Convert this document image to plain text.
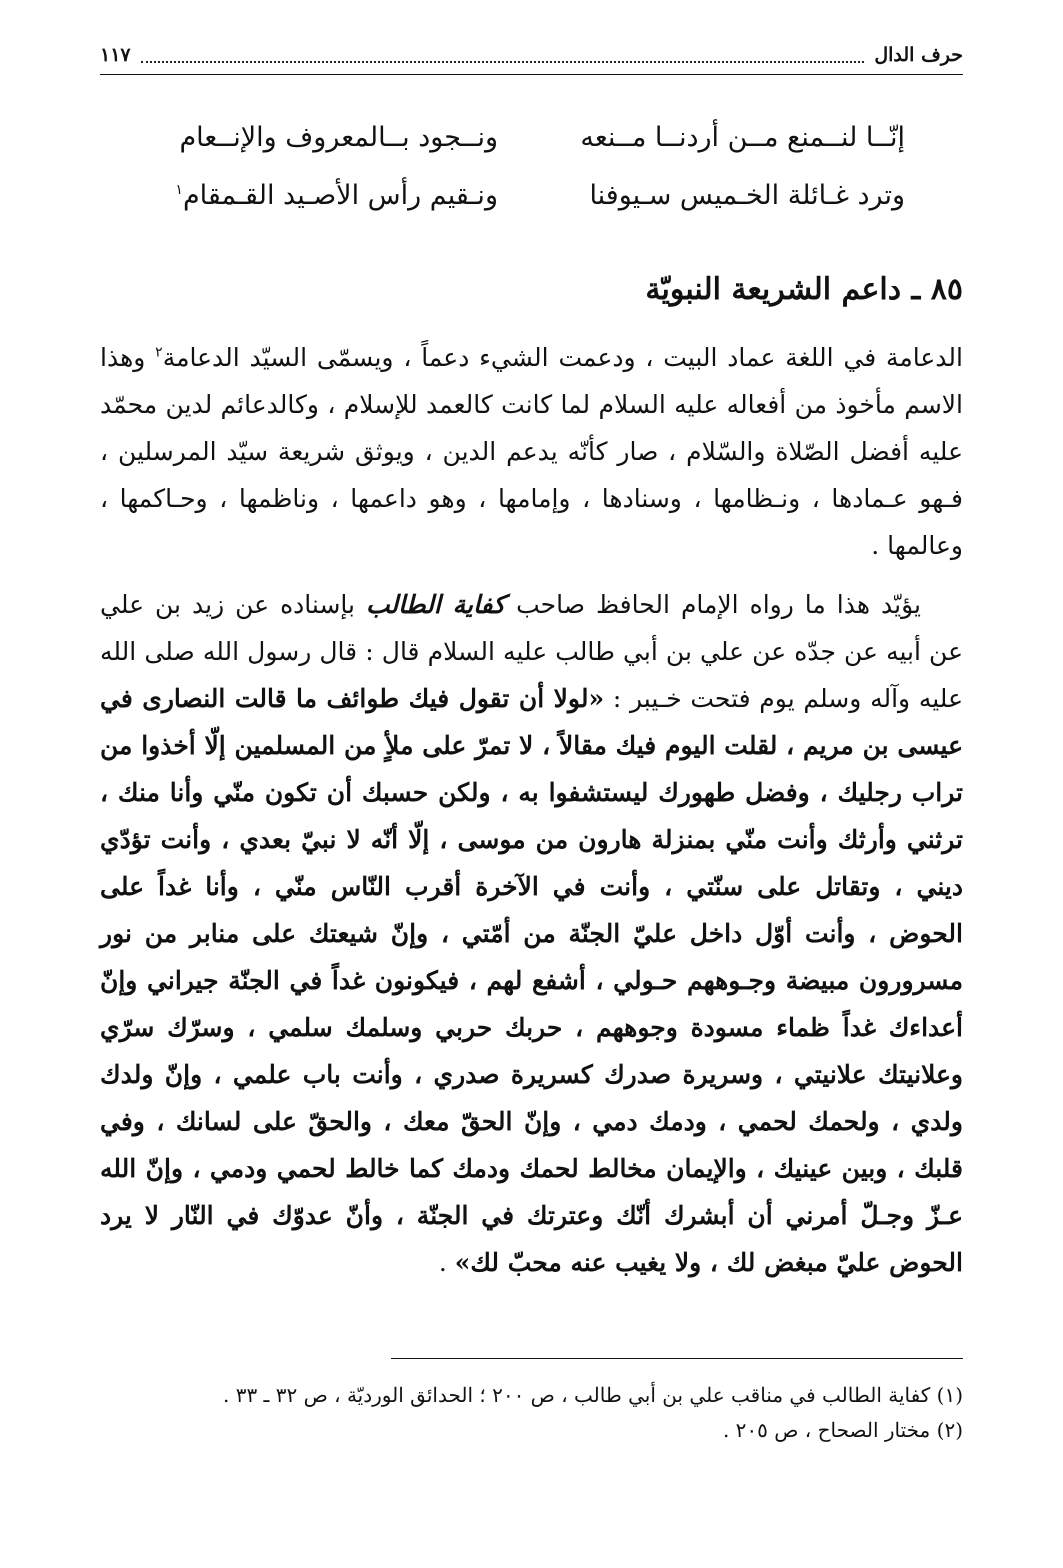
حرف الدال
١١٧
إنّــا لنــمنع مــن أردنــا مــنعه
ونــجود بــالمعروف والإنــعام
وترد غـائلة الخـميس سـيوفنا
ونـقيم رأس الأصـيد القـمقام$^١$
٨٥ ـ داعم الشريعة النبويّة

الدعامة في اللغة عماد البيت ، ودعمت الشيء دعماً ، ويسمّى السيّد الدعامة$^٢$ وهذا الاسم مأخوذ من أفعاله عليه السلام لما كانت كالعمد للإسلام ، وكالدعائم لدين محمّد عليه أفضل الصّلاة والسّلام ، صار كأنّه يدعم الدين ، ويوثق شريعة سيّد المرسلين ، فـهو عـمادها ، ونـظامها ، وسنادها ، وإمامها ، وهو داعمها ، وناظمها ، وحـاكمها ، وعالمها .

يؤيّد هذا ما رواه الإمام الحافظ صاحب كفاية الطالب بإسناده عن زيد بن علي عن أبيه عن جدّه عن علي بن أبي طالب عليه السلام قال : قال رسول الله صلى الله عليه وآله وسلم يوم فتحت خـيبر : «لولا أن تقول فيك طوائف ما قالت النصارى في عيسى بن مريم ، لقلت اليوم فيك مقالاً ، لا تمرّ على ملأٍ من المسلمين إلّا أخذوا من تراب رجليك ، وفضل طهورك ليستشفوا به ، ولكن حسبك أن تكون منّي وأنا منك ، ترثني وأرثك وأنت منّي بمنزلة هارون من موسى ، إلّا أنّه لا نبيّ بعدي ، وأنت تؤدّي ديني ، وتقاتل على سنّتي ، وأنت في الآخرة أقرب النّاس منّي ، وأنا غداً على الحوض ، وأنت أوّل داخل عليّ الجنّة من أمّتي ، وإنّ شيعتك على منابر من نور مسرورون مبيضة وجـوههم حـولي ، أشفع لهم ، فيكونون غداً في الجنّة جيراني وإنّ أعداءك غداً ظماء مسودة وجوههم ، حربك حربي وسلمك سلمي ، وسرّك سرّي وعلانيتك علانيتي ، وسريرة صدرك كسريرة صدري ، وأنت باب علمي ، وإنّ ولدك ولدي ، ولحمك لحمي ، ودمك دمي ، وإنّ الحقّ معك ، والحقّ على لسانك ، وفي قلبك ، وبين عينيك ، والإيمان مخالط لحمك ودمك كما خالط لحمي ودمي ، وإنّ الله عـزّ وجـلّ أمرني أن أبشرك أنّك وعترتك في الجنّة ، وأنّ عدوّك في النّار لا يرد الحوض عليّ مبغض لك ، ولا يغيب عنه محبّ لك» .

(١) كفاية الطالب في مناقب علي بن أبي طالب ، ص ٢٠٠ ؛ الحدائق الورديّة ، ص ٣٢ ـ ٣٣ .
(٢) مختار الصحاح ، ص ٢٠٥ .
